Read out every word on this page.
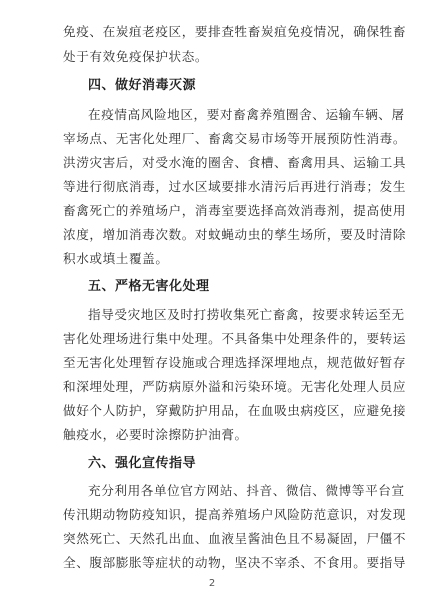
免疫、在炭疽老疫区，要排查牲畜炭疽免疫情况，确保牲畜
处于有效免疫保护状态。
四、做好消毒灭源
在疫情高风险地区，要对畜禽养殖圈舍、运输车辆、屠
宰场点、无害化处理厂、畜禽交易市场等开展预防性消毒。
洪涝灾害后，对受水淹的圈舍、食槽、畜禽用具、运输工具
等进行彻底消毒，过水区域要排水清污后再进行消毒；发生
畜禽死亡的养殖场户，消毒室要选择高效消毒剂，提高使用
浓度，增加消毒次数。对蚊蝇动虫的孳生场所，要及时清除
积水或填土覆盖。
五、严格无害化处理
指导受灾地区及时打捞收集死亡畜禽，按要求转运至无
害化处理场进行集中处理。不具备集中处理条件的，要转运
至无害化处理暂存设施或合理选择深埋地点，规范做好暂存
和深埋处理，严防病原外溢和污染环境。无害化处理人员应
做好个人防护，穿戴防护用品，在血吸虫病疫区，应避免接
触疫水，必要时涂擦防护油膏。
六、强化宣传指导
充分利用各单位官方网站、抖音、微信、微博等平台宣
传汛期动物防疫知识，提高养殖场户风险防范意识，对发现
突然死亡、天然孔出血、血液呈酱油色且不易凝固，尸僵不
全、腹部膨胀等症状的动物，坚决不宰杀、不食用。要指导
2
